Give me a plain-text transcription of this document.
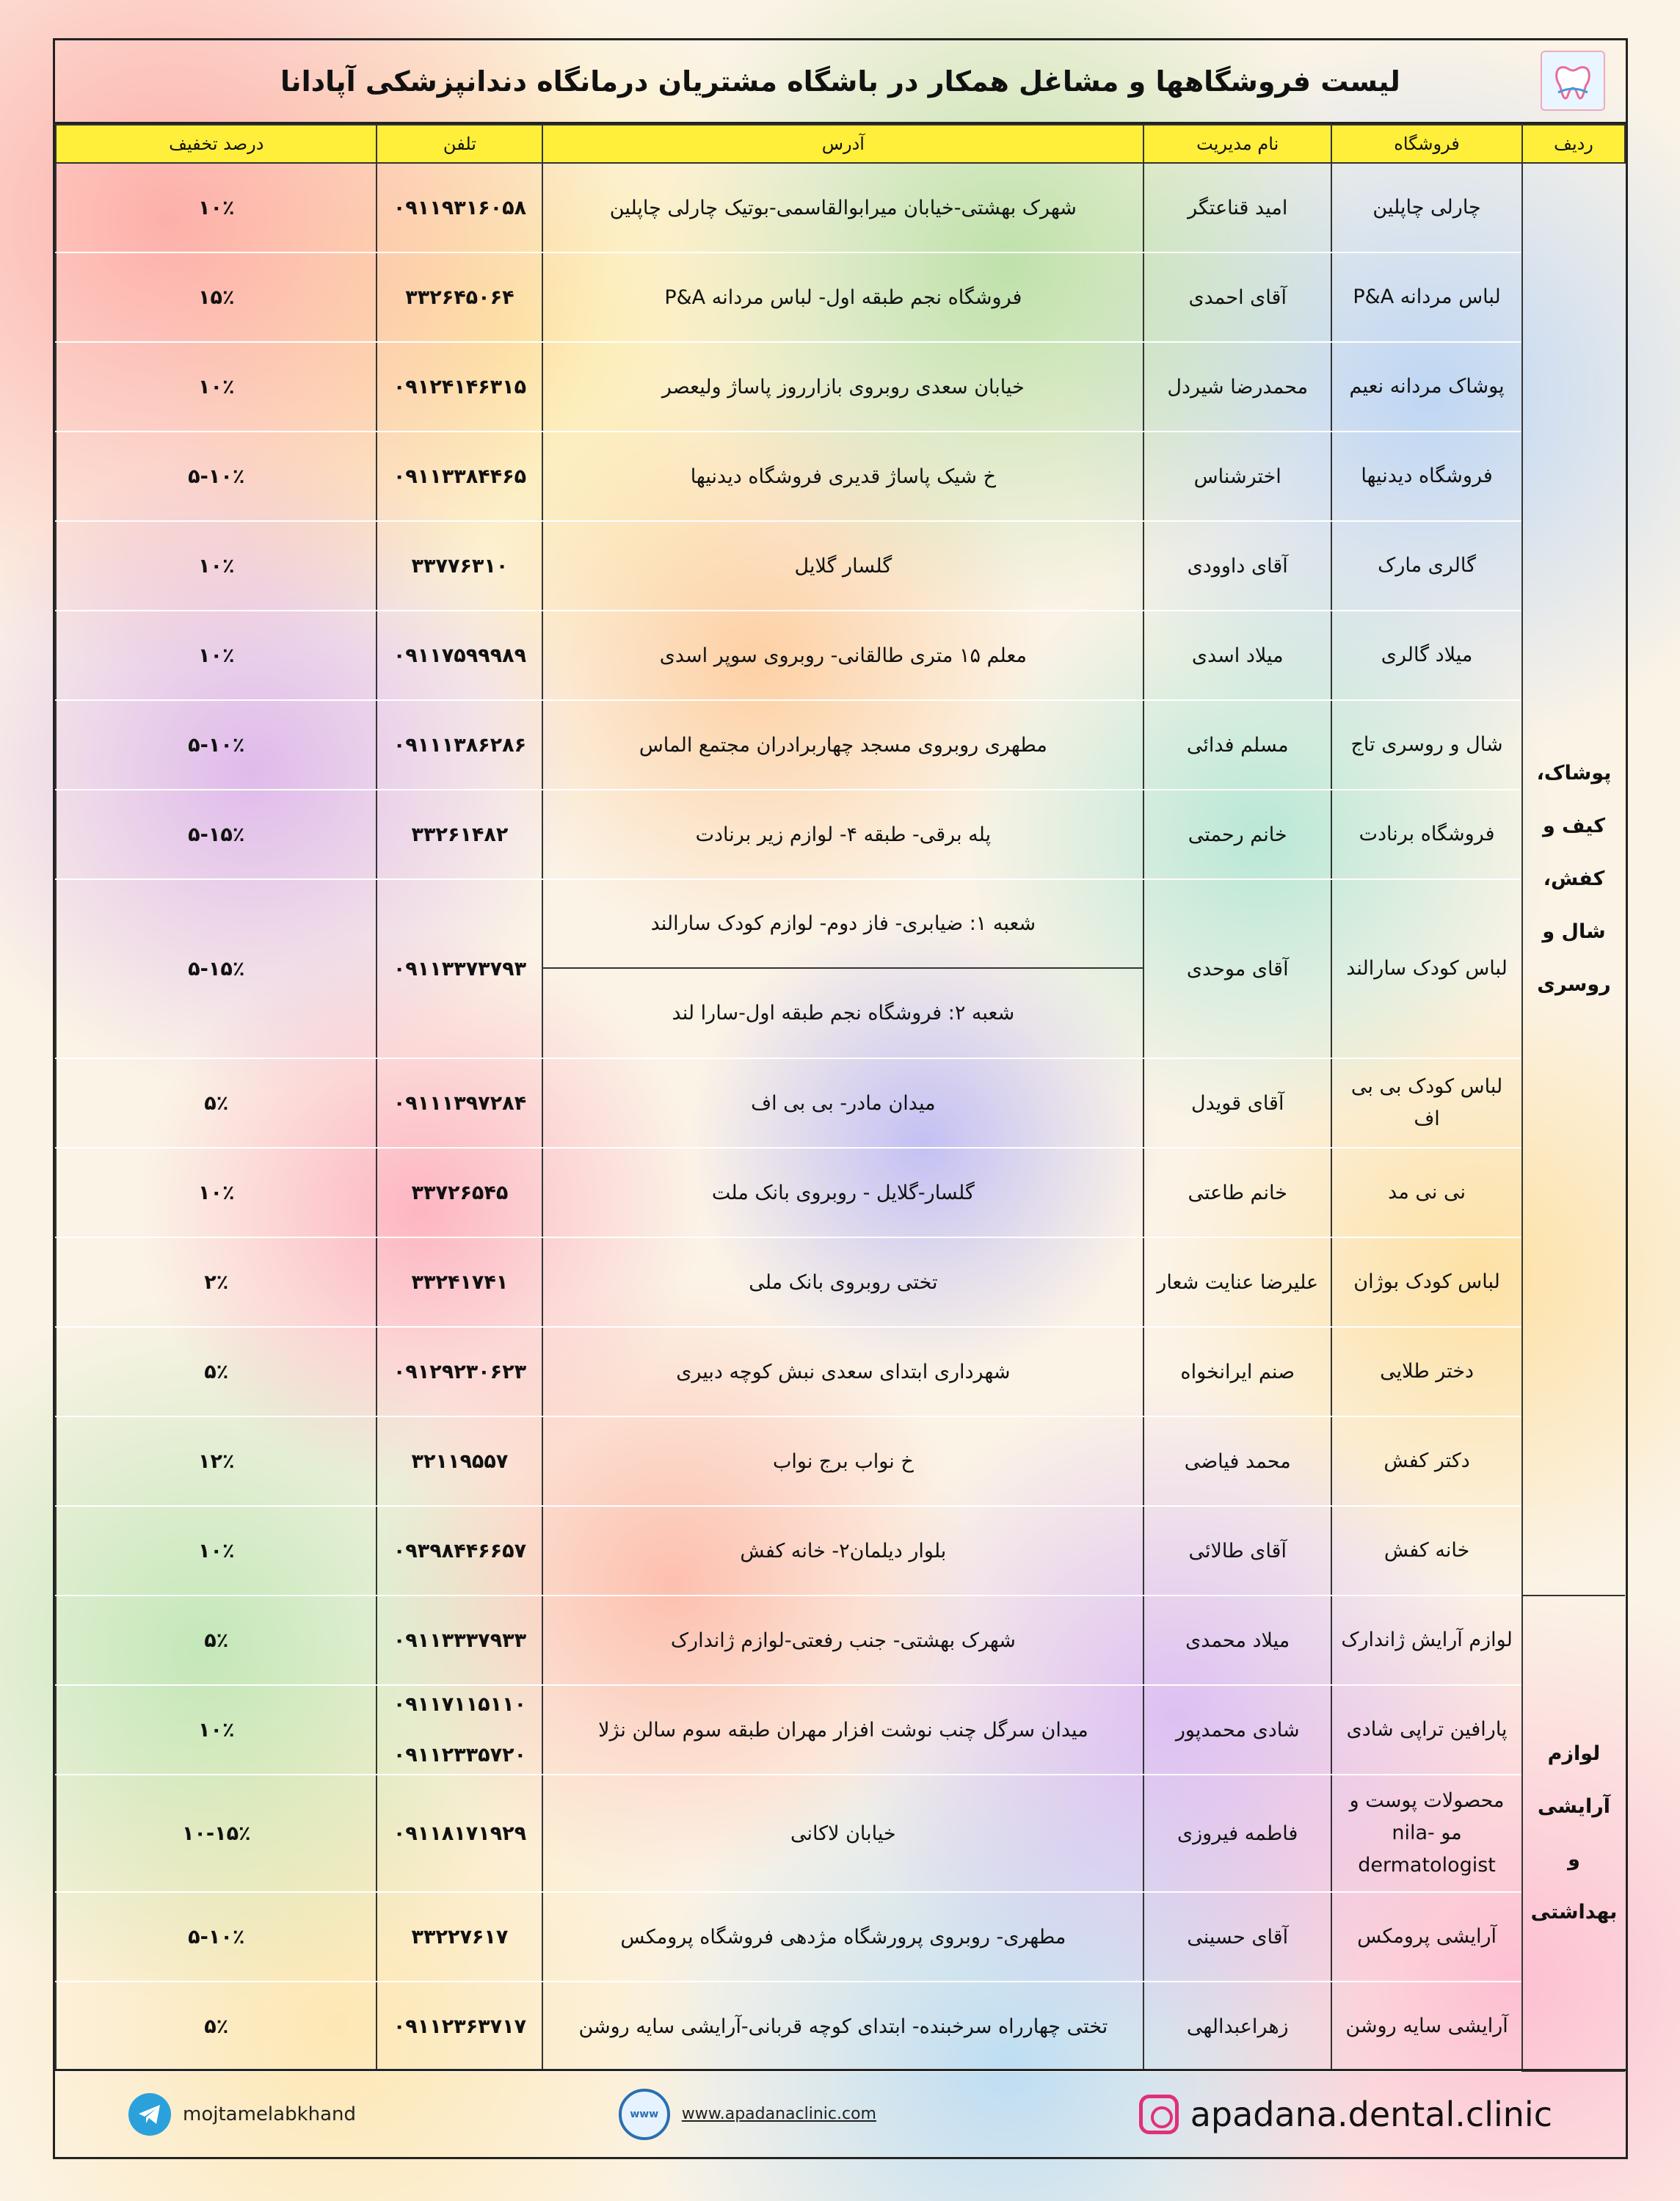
لیست فروشگاهها و مشاغل همکار در باشگاه مشتریان درمانگاه دندانپزشکی آپادانا
ردیف	فروشگاه	نام مدیریت	آدرس	تلفن	درصد تخفیف
پوشاک، کیف و کفش، شال و روسری	چارلی چاپلین	امید قناعتگر	شهرک بهشتی-خیابان میرابوالقاسمی-بوتیک چارلی چاپلین	۰۹۱۱۹۳۱۶۰۵۸	۱۰٪
	لباس مردانه P&A	آقای احمدی	فروشگاه نجم طبقه اول- لباس مردانه P&A	۳۳۲۶۴۵۰۶۴	۱۵٪
	پوشاک مردانه نعیم	محمدرضا شیردل	خیابان سعدی روبروی بازارروز پاساژ ولیعصر	۰۹۱۲۴۱۴۶۳۱۵	۱۰٪
	فروشگاه دیدنیها	اخترشناس	خ شیک پاساژ قدیری فروشگاه دیدنیها	۰۹۱۱۳۳۸۴۴۶۵	۵-۱۰٪
	گالری مارک	آقای داوودی	گلسار گلایل	۳۳۷۷۶۳۱۰	۱۰٪
	میلاد گالری	میلاد اسدی	معلم ۱۵ متری طالقانی- روبروی سوپر اسدی	۰۹۱۱۷۵۹۹۹۸۹	۱۰٪
	شال و روسری تاج	مسلم فدائی	مطهری روبروی مسجد چهاربرادران مجتمع الماس	۰۹۱۱۱۳۸۶۲۸۶	۵-۱۰٪
	فروشگاه برنادت	خانم رحمتی	پله برقی- طبقه ۴- لوازم زیر برنادت	۳۳۲۶۱۴۸۲	۵-۱۵٪
	لباس کودک سارالند	آقای موحدی	شعبه ۱: ضیابری- فاز دوم- لوازم کودک سارالند
شعبه ۲: فروشگاه نجم طبقه اول-سارا لند	۰۹۱۱۳۳۷۳۷۹۳	۵-۱۵٪
	لباس کودک بی بی اف	آقای قویدل	میدان مادر- بی بی اف	۰۹۱۱۱۳۹۷۲۸۴	۵٪
	نی نی مد	خانم طاعتی	گلسار-گلایل - روبروی بانک ملت	۳۳۷۲۶۵۴۵	۱۰٪
	لباس کودک بوژان	علیرضا عنایت شعار	تختی روبروی بانک ملی	۳۳۲۴۱۷۴۱	۲٪
	دختر طلایی	صنم ایرانخواه	شهرداری ابتدای سعدی نبش کوچه دبیری	۰۹۱۲۹۲۳۰۶۲۳	۵٪
	دکتر کفش	محمد فیاضی	خ نواب برج نواب	۳۲۱۱۹۵۵۷	۱۲٪
	خانه کفش	آقای طالائی	بلوار دیلمان۲- خانه کفش	۰۹۳۹۸۴۴۶۶۵۷	۱۰٪
لوازم آرایشی و بهداشتی	لوازم آرایش ژاندارک	میلاد محمدی	شهرک بهشتی- جنب رفعتی-لوازم ژاندارک	۰۹۱۱۳۳۳۷۹۳۳	۵٪
	پارافین تراپی شادی	شادی محمدپور	میدان سرگل چنب نوشت افزار مهران طبقه سوم سالن نژلا	۰۹۱۱۷۱۱۵۱۱۰
۰۹۱۱۲۳۳۵۷۲۰	۱۰٪
	محصولات پوست و مو nila- dermatologist	فاطمه فیروزی	خیابان لاکانی	۰۹۱۱۸۱۷۱۹۲۹	۱۰-۱۵٪
	آرایشی پرومکس	آقای حسینی	مطهری- روبروی پرورشگاه مژدهی فروشگاه پرومکس	۳۳۲۲۷۶۱۷	۵-۱۰٪
	آرایشی سایه روشن	زهراعبدالهی	تختی چهارراه سرخبنده- ابتدای کوچه قربانی-آرایشی سایه روشن	۰۹۱۱۲۳۶۳۷۱۷	۵٪
mojtamelabkhand	www	www.apadanaclinic.com	apadana.dental.clinic
